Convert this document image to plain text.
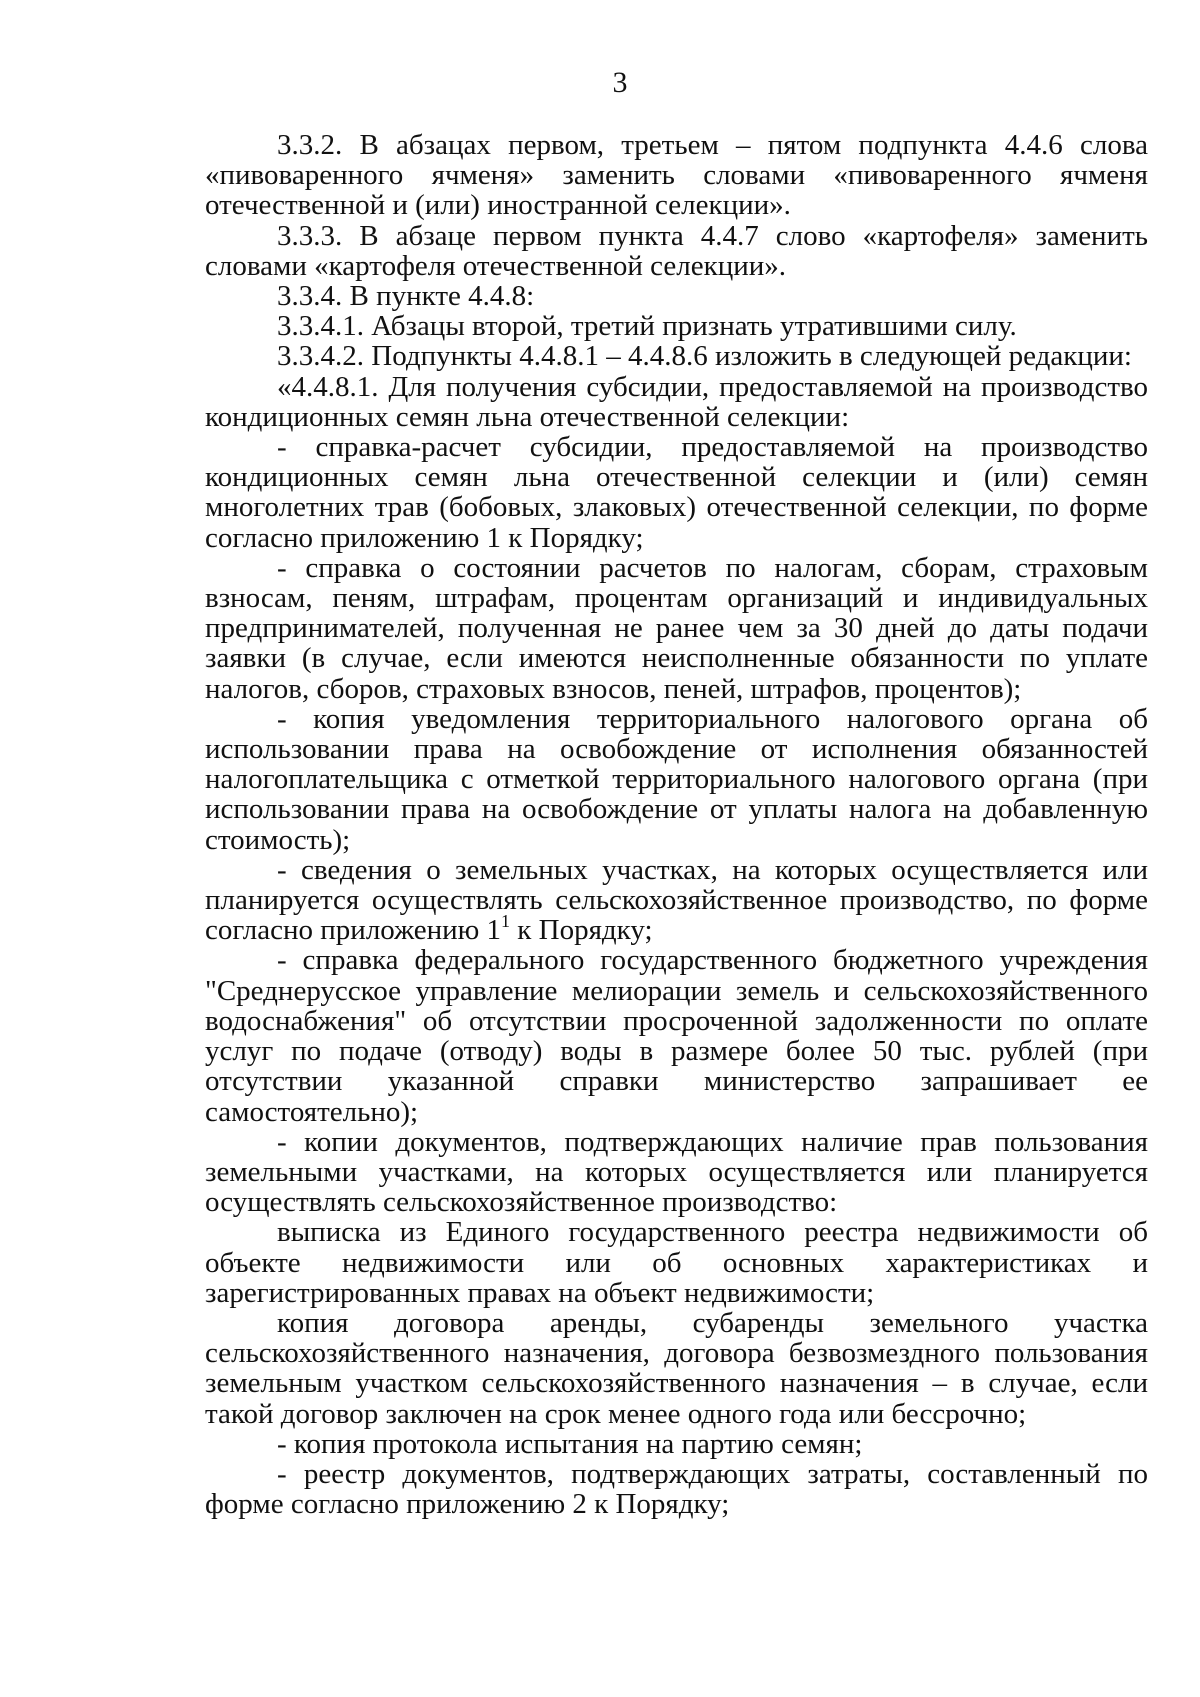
3

3.3.2. В абзацах первом, третьем – пятом подпункта 4.4.6 слова «пивоваренного ячменя» заменить словами «пивоваренного ячменя отечественной и (или) иностранной селекции».

3.3.3. В абзаце первом пункта 4.4.7 слово «картофеля» заменить словами «картофеля отечественной селекции».

3.3.4. В пункте 4.4.8:

3.3.4.1. Абзацы второй, третий признать утратившими силу.

3.3.4.2. Подпункты 4.4.8.1 – 4.4.8.6 изложить в следующей редакции:

«4.4.8.1. Для получения субсидии, предоставляемой на производство кондиционных семян льна отечественной селекции:

- справка-расчет субсидии, предоставляемой на производство кондиционных семян льна отечественной селекции и (или) семян многолетних трав (бобовых, злаковых) отечественной селекции, по форме согласно приложению 1 к Порядку;

- справка о состоянии расчетов по налогам, сборам, страховым взносам, пеням, штрафам, процентам организаций и индивидуальных предпринимателей, полученная не ранее чем за 30 дней до даты подачи заявки (в случае, если имеются неисполненные обязанности по уплате налогов, сборов, страховых взносов, пеней, штрафов, процентов);

- копия уведомления территориального налогового органа об использовании права на освобождение от исполнения обязанностей налогоплательщика с отметкой территориального налогового органа (при использовании права на освобождение от уплаты налога на добавленную стоимость);

- сведения о земельных участках, на которых осуществляется или планируется осуществлять сельскохозяйственное производство, по форме согласно приложению $1^1$ к Порядку;

- справка федерального государственного бюджетного учреждения "Среднерусское управление мелиорации земель и сельскохозяйственного водоснабжения" об отсутствии просроченной задолженности по оплате услуг по подаче (отводу) воды в размере более 50 тыс. рублей (при отсутствии указанной справки министерство запрашивает ее самостоятельно);

- копии документов, подтверждающих наличие прав пользования земельными участками, на которых осуществляется или планируется осуществлять сельскохозяйственное производство:

выписка из Единого государственного реестра недвижимости об объекте недвижимости или об основных характеристиках и зарегистрированных правах на объект недвижимости;

копия договора аренды, субаренды земельного участка сельскохозяйственного назначения, договора безвозмездного пользования земельным участком сельскохозяйственного назначения – в случае, если такой договор заключен на срок менее одного года или бессрочно;

- копия протокола испытания на партию семян;

- реестр документов, подтверждающих затраты, составленный по форме согласно приложению 2 к Порядку;
